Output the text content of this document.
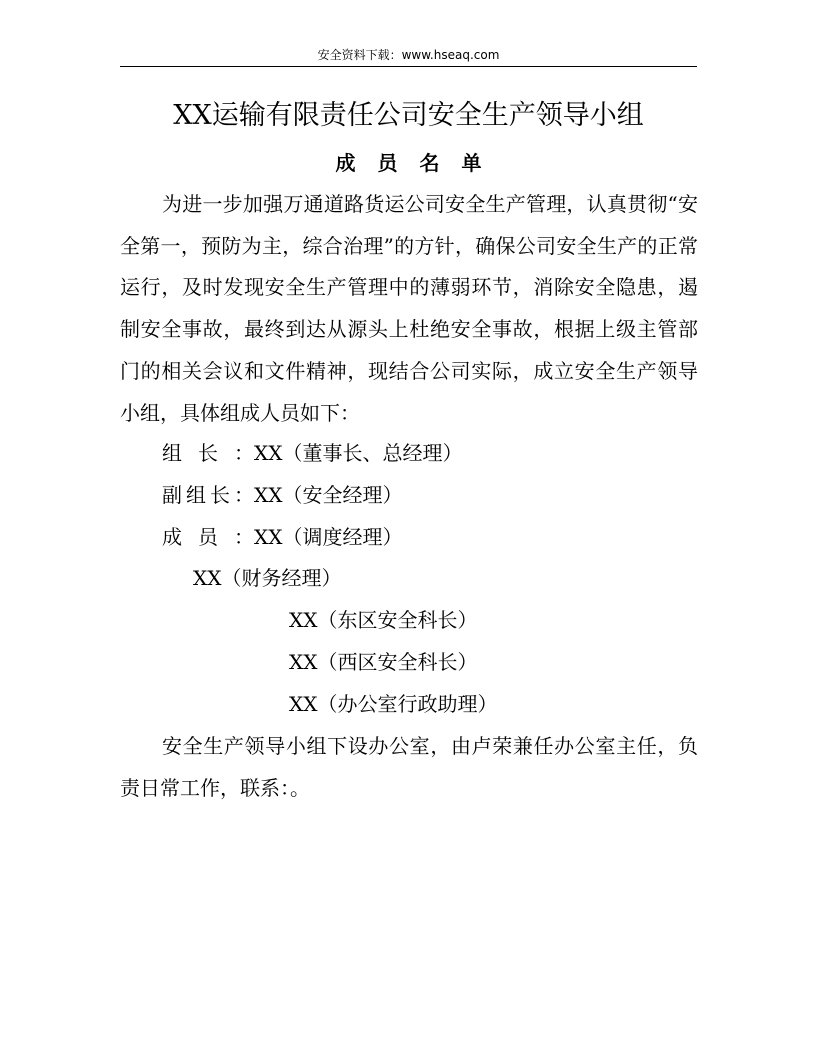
安全资料下载：www.hseaq.com
XX运输有限责任公司安全生产领导小组
成员名单

为进一步加强万通道路货运公司安全生产管理，认真贯彻“安全第一，预防为主，综合治理”的方针，确保公司安全生产的正常运行，及时发现安全生产管理中的薄弱环节，消除安全隐患，遏制安全事故，最终到达从源头上杜绝安全事故，根据上级主管部门的相关会议和文件精神，现结合公司实际，成立安全生产领导小组，具体组成人员如下：

组长：XX（董事长、总经理）
副组长：XX（安全经理）
成员：XX（调度经理）
XX（财务经理）
XX（东区安全科长）
XX（西区安全科长）
XX（办公室行政助理）

安全生产领导小组下设办公室，由卢荣兼任办公室主任，负责日常工作，联系：。
